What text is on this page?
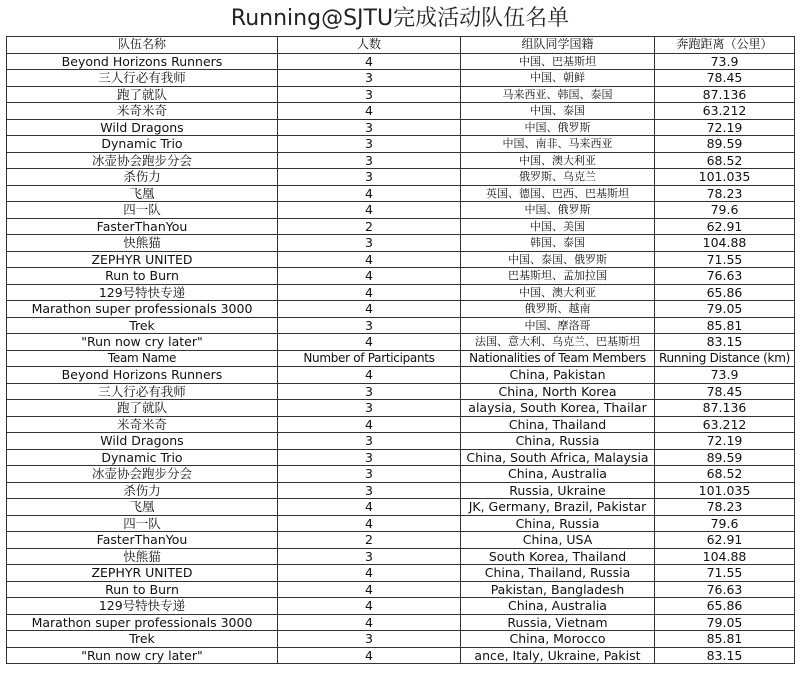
Running@SJTU完成活动队伍名单
队伍名称	人数	组队同学国籍	奔跑距离（公里）
Beyond Horizons Runners	4	中国、巴基斯坦	73.9
三人行必有我师	3	中国、朝鲜	78.45
跑了就队	3	马来西亚、韩国、泰国	87.136
米奇米奇	4	中国、泰国	63.212
Wild Dragons	3	中国、俄罗斯	72.19
Dynamic Trio	3	中国、南非、马来西亚	89.59
冰壶协会跑步分会	3	中国、澳大利亚	68.52
杀伤力	3	俄罗斯、乌克兰	101.035
飞凰	4	英国、德国、巴西、巴基斯坦	78.23
四一队	4	中国、俄罗斯	79.6
FasterThanYou	2	中国、美国	62.91
快熊猫	3	韩国、泰国	104.88
ZEPHYR UNITED	4	中国、泰国、俄罗斯	71.55
Run to Burn	4	巴基斯坦、孟加拉国	76.63
129号特快专递	4	中国、澳大利亚	65.86
Marathon super professionals 3000	4	俄罗斯、越南	79.05
Trek	3	中国、摩洛哥	85.81
"Run now cry later"	4	法国、意大利、乌克兰、巴基斯坦	83.15
Team Name	Number of Participants	Nationalities of Team Members	Running Distance (km)
Beyond Horizons Runners	4	China, Pakistan	73.9
三人行必有我师	3	China, North Korea	78.45
跑了就队	3	alaysia, South Korea, Thailar	87.136
米奇米奇	4	China, Thailand	63.212
Wild Dragons	3	China, Russia	72.19
Dynamic Trio	3	China, South Africa, Malaysia	89.59
冰壶协会跑步分会	3	China, Australia	68.52
杀伤力	3	Russia, Ukraine	101.035
飞凰	4	JK, Germany, Brazil, Pakistar	78.23
四一队	4	China, Russia	79.6
FasterThanYou	2	China, USA	62.91
快熊猫	3	South Korea, Thailand	104.88
ZEPHYR UNITED	4	China, Thailand, Russia	71.55
Run to Burn	4	Pakistan, Bangladesh	76.63
129号特快专递	4	China, Australia	65.86
Marathon super professionals 3000	4	Russia, Vietnam	79.05
Trek	3	China, Morocco	85.81
"Run now cry later"	4	ance, Italy, Ukraine, Pakist	83.15
